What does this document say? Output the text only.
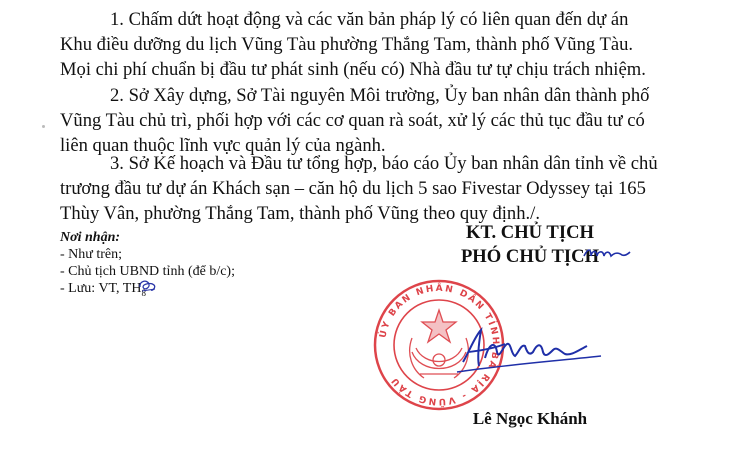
1. Chấm dứt hoạt động và các văn bản pháp lý có liên quan đến dự án
Khu điều dưỡng du lịch Vũng Tàu phường Thắng Tam, thành phố Vũng Tàu.
Mọi chi phí chuẩn bị đầu tư phát sinh (nếu có) Nhà đầu tư tự chịu trách nhiệm.

2. Sở Xây dựng, Sở Tài nguyên Môi trường, Ủy ban nhân dân thành phố
Vũng Tàu chủ trì, phối hợp với các cơ quan rà soát, xử lý các thủ tục đầu tư có
liên quan thuộc lĩnh vực quản lý của ngành.

3. Sở Kế hoạch và Đầu tư tổng hợp, báo cáo Ủy ban nhân dân tỉnh về chủ
trương đầu tư dự án Khách sạn – căn hộ du lịch 5 sao Fivestar Odyssey tại 165
Thùy Vân, phường Thắng Tam, thành phố Vũng theo quy định./.

Nơi nhận:
- Như trên;
- Chủ tịch UBND tỉnh (để b/c);
- Lưu: VT, $TH_8$
KT. CHỦ TỊCH
PHÓ CHỦ TỊCH
ỦY BAN NHÂN DÂN TỈNH BÀ RỊA - VŨNG TÀU
Lê Ngọc Khánh
